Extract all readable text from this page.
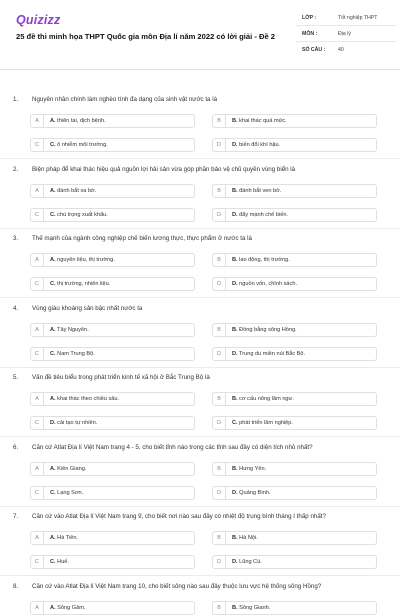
Quizizz
25 đề thi minh họa THPT Quốc gia môn Địa lí năm 2022 có lời giải - Đề 2
LỚP :	Tốt nghiệp THPT
MÔN :	Địa lý
SỐ CÂU :	40
1. Nguyên nhân chính làm nghèo tính đa dạng của sinh vật nước ta là
A	A. thiên tai, dịch bệnh.	B	B. khai thác quá mức.
C	C. ô nhiễm môi trường.	D	D. biến đổi khí hậu.
2. Biện pháp để khai thác hiệu quả nguồn lợi hải sản vừa góp phần bảo vệ chủ quyền vùng biển là
A	A. đánh bắt xa bờ.	B	B. đánh bắt ven bờ.
C	C. chú trọng xuất khẩu.	D	D. đẩy mạnh chế biến.
3. Thế mạnh của ngành công nghiệp chế biến lương thực, thực phẩm ở nước ta là
A	A. nguyên liệu, thị trường.	B	B. lao động, thị trường.
C	C. thị trường, nhiên liệu.	D	D. nguồn vốn, chính sách.
4. Vùng giàu khoáng sản bậc nhất nước ta
A	A. Tây Nguyên.	B	B. Đồng bằng sông Hồng.
C	C. Nam Trung Bộ.	D	D. Trung du miền núi Bắc Bộ.
5. Vấn đề tiêu biểu trong phát triển kinh tế xã hội ở Bắc Trung Bộ là
A	A. khai thác theo chiều sâu.	B	B. cơ cấu nông lâm ngư.
C	D. cải tạo tự nhiên.	D	C. phát triển lâm nghiệp.
6. Căn cứ Atlat Địa lí Việt Nam trang 4 - 5, cho biết tỉnh nào trong các tỉnh sau đây có diện tích nhỏ nhất?
A	A. Kiên Giang.	B	B. Hưng Yên.
C	C. Lạng Sơn.	D	D. Quảng Bình.
7. Căn cứ vào Atlat Địa lí Việt Nam trang 9, cho biết nơi nào sau đây có nhiệt độ trung bình tháng I thấp nhất?
A	A. Hà Tiên.	B	B. Hà Nội.
C	C. Huế.	D	D. Lũng Cú.
8. Căn cứ vào Atlat Địa lí Việt Nam trang 10, cho biết sông nào sau đây thuộc lưu vực hệ thống sông Hồng?
A	A. Sông Gâm.	B	B. Sông Gianh.
